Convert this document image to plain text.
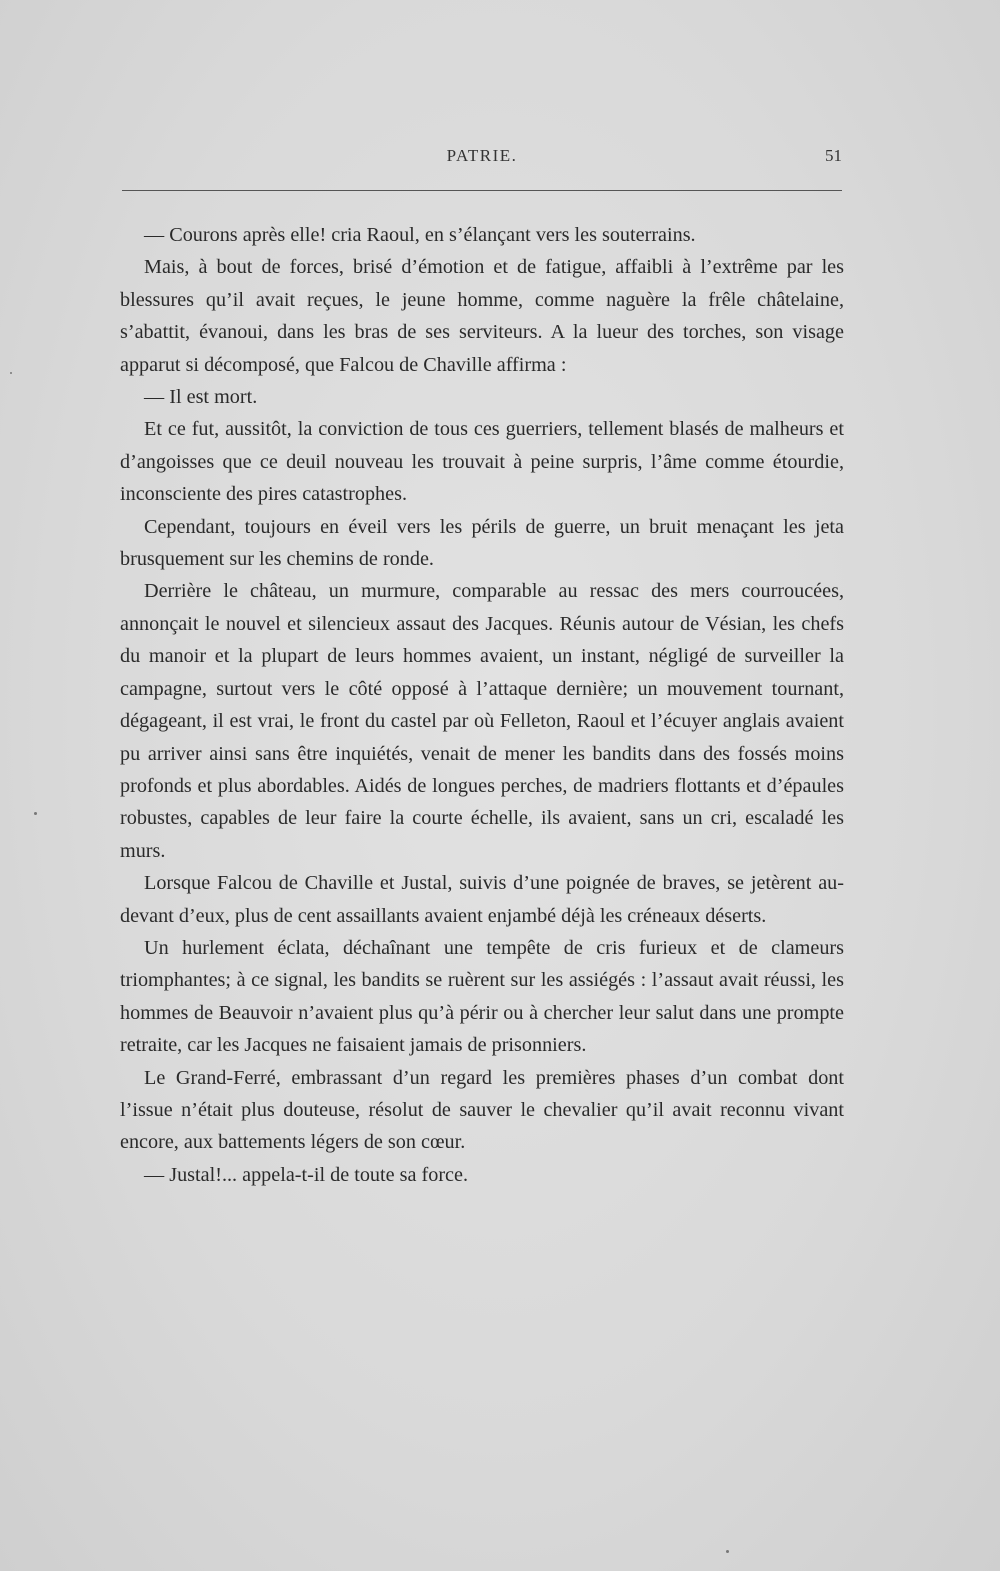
PATRIE.	51

— Courons après elle! cria Raoul, en s’élançant vers les souterrains.

Mais, à bout de forces, brisé d’émotion et de fatigue, affaibli à l’extrême par les blessures qu’il avait reçues, le jeune homme, comme naguère la frêle châtelaine, s’abattit, évanoui, dans les bras de ses serviteurs. A la lueur des torches, son visage apparut si décomposé, que Falcou de Chaville affirma :

— Il est mort.

Et ce fut, aussitôt, la conviction de tous ces guerriers, tellement blasés de malheurs et d’angoisses que ce deuil nouveau les trouvait à peine surpris, l’âme comme étourdie, inconsciente des pires catastrophes.

Cependant, toujours en éveil vers les périls de guerre, un bruit menaçant les jeta brusquement sur les chemins de ronde.

Derrière le château, un murmure, comparable au ressac des mers courroucées, annonçait le nouvel et silencieux assaut des Jacques. Réunis autour de Vésian, les chefs du manoir et la plupart de leurs hommes avaient, un instant, négligé de surveiller la campagne, surtout vers le côté opposé à l’attaque dernière; un mouvement tournant, dégageant, il est vrai, le front du castel par où Felleton, Raoul et l’écuyer anglais avaient pu arriver ainsi sans être inquiétés, venait de mener les bandits dans des fossés moins profonds et plus abordables. Aidés de longues perches, de madriers flottants et d’épaules robustes, capables de leur faire la courte échelle, ils avaient, sans un cri, escaladé les murs.

Lorsque Falcou de Chaville et Justal, suivis d’une poignée de braves, se jetèrent au-devant d’eux, plus de cent assaillants avaient enjambé déjà les créneaux déserts.

Un hurlement éclata, déchaînant une tempête de cris furieux et de clameurs triomphantes; à ce signal, les bandits se ruèrent sur les assiégés : l’assaut avait réussi, les hommes de Beauvoir n’avaient plus qu’à périr ou à chercher leur salut dans une prompte retraite, car les Jacques ne faisaient jamais de prisonniers.

Le Grand-Ferré, embrassant d’un regard les premières phases d’un combat dont l’issue n’était plus douteuse, résolut de sauver le chevalier qu’il avait reconnu vivant encore, aux battements légers de son cœur.

— Justal!... appela-t-il de toute sa force.
